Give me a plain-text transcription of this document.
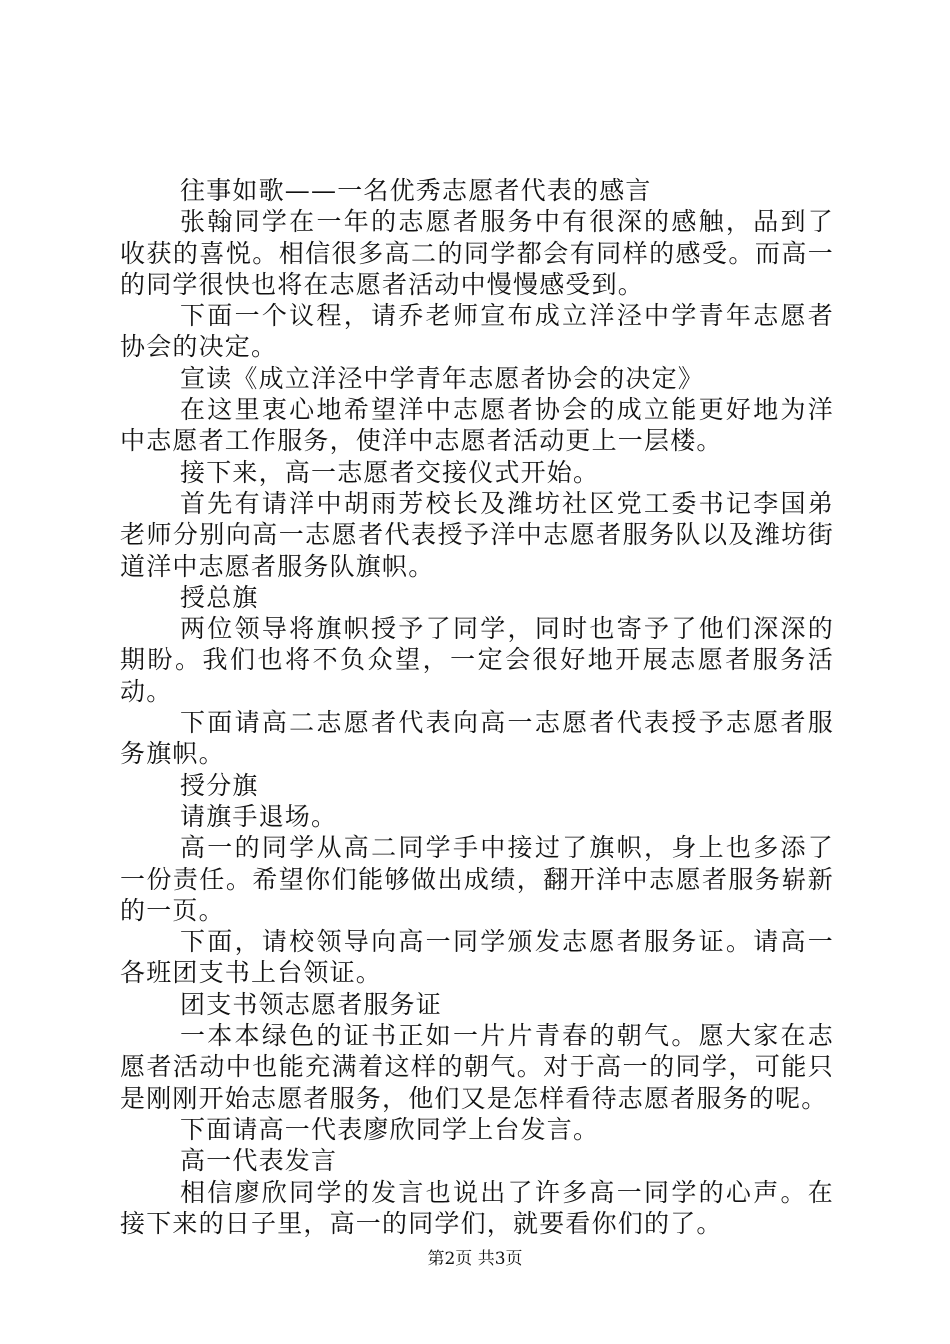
往事如歌——一名优秀志愿者代表的感言

张翰同学在一年的志愿者服务中有很深的感触，品到了收获的喜悦。相信很多高二的同学都会有同样的感受。而高一的同学很快也将在志愿者活动中慢慢感受到。

下面一个议程，请乔老师宣布成立洋泾中学青年志愿者协会的决定。

宣读《成立洋泾中学青年志愿者协会的决定》

在这里衷心地希望洋中志愿者协会的成立能更好地为洋中志愿者工作服务，使洋中志愿者活动更上一层楼。

接下来，高一志愿者交接仪式开始。

首先有请洋中胡雨芳校长及潍坊社区党工委书记李国弟老师分别向高一志愿者代表授予洋中志愿者服务队以及潍坊街道洋中志愿者服务队旗帜。

授总旗

两位领导将旗帜授予了同学，同时也寄予了他们深深的期盼。我们也将不负众望，一定会很好地开展志愿者服务活动。

下面请高二志愿者代表向高一志愿者代表授予志愿者服务旗帜。

授分旗

请旗手退场。

高一的同学从高二同学手中接过了旗帜，身上也多添了一份责任。希望你们能够做出成绩，翻开洋中志愿者服务崭新的一页。

下面，请校领导向高一同学颁发志愿者服务证。请高一各班团支书上台领证。

团支书领志愿者服务证

一本本绿色的证书正如一片片青春的朝气。愿大家在志愿者活动中也能充满着这样的朝气。对于高一的同学，可能只是刚刚开始志愿者服务，他们又是怎样看待志愿者服务的呢。

下面请高一代表廖欣同学上台发言。

高一代表发言

相信廖欣同学的发言也说出了许多高一同学的心声。在接下来的日子里，高一的同学们，就要看你们的了。

第2页 共3页
